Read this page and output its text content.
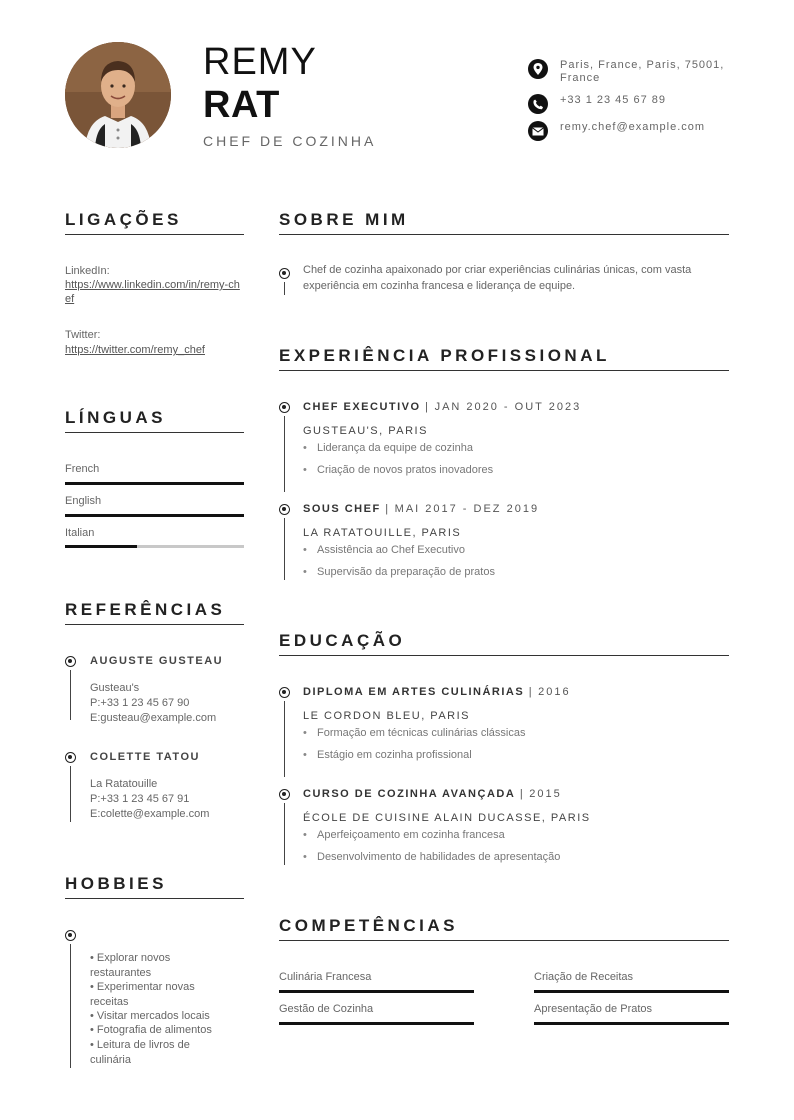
REMY
RAT
CHEF DE COZINHA
Paris, France, Paris, 75001, France
+33 1 23 45 67 89
remy.chef@example.com
LIGAÇÕES
LinkedIn:
https://www.linkedin.com/in/remy-chef
Twitter:
https://twitter.com/remy_chef
LÍNGUAS
French
English
Italian
REFERÊNCIAS
AUGUSTE GUSTEAU
Gusteau's
P:+33 1 23 45 67 90
E:gusteau@example.com
COLETTE TATOU
La Ratatouille
P:+33 1 23 45 67 91
E:colette@example.com
HOBBIES
• Explorar novos restaurantes
• Experimentar novas receitas
• Visitar mercados locais
• Fotografia de alimentos
• Leitura de livros de culinária
SOBRE MIM
Chef de cozinha apaixonado por criar experiências culinárias únicas, com vasta experiência em cozinha francesa e liderança de equipe.
EXPERIÊNCIA PROFISSIONAL
CHEF EXECUTIVO | JAN 2020 - OUT 2023
GUSTEAU'S, PARIS
• Liderança da equipe de cozinha
• Criação de novos pratos inovadores
SOUS CHEF | MAI 2017 - DEZ 2019
LA RATATOUILLE, PARIS
• Assistência ao Chef Executivo
• Supervisão da preparação de pratos
EDUCAÇÃO
DIPLOMA EM ARTES CULINÁRIAS | 2016
LE CORDON BLEU, PARIS
• Formação em técnicas culinárias clássicas
• Estágio em cozinha profissional
CURSO DE COZINHA AVANÇADA | 2015
ÉCOLE DE CUISINE ALAIN DUCASSE, PARIS
• Aperfeiçoamento em cozinha francesa
• Desenvolvimento de habilidades de apresentação
COMPETÊNCIAS
Culinária Francesa	Criação de Receitas
Gestão de Cozinha	Apresentação de Pratos
